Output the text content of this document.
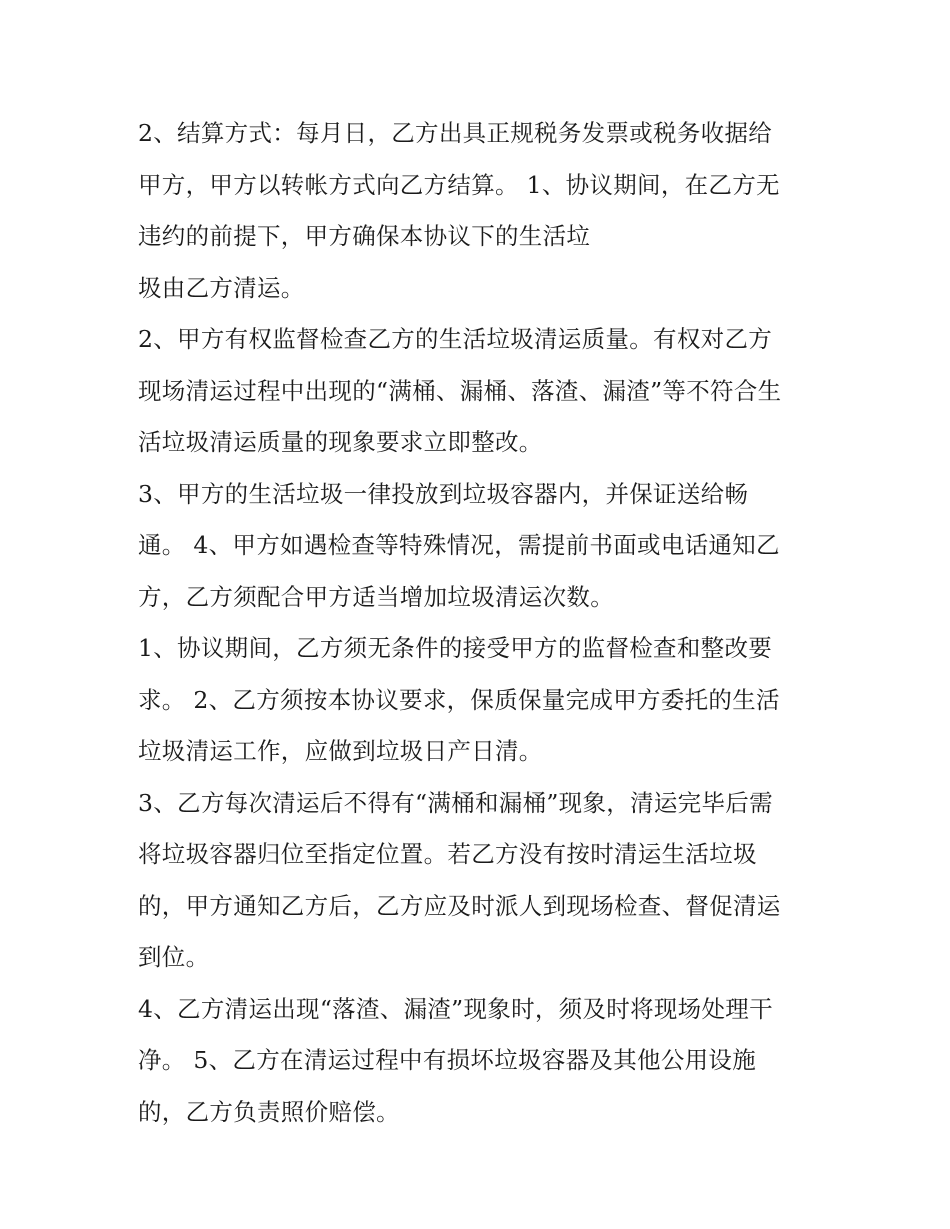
2、结算方式：每月日，乙方出具正规税务发票或税务收据给
甲方，甲方以转帐方式向乙方结算。 1、协议期间，在乙方无
违约的前提下，甲方确保本协议下的生活垃
圾由乙方清运。
2、甲方有权监督检查乙方的生活垃圾清运质量。有权对乙方
现场清运过程中出现的“满桶、漏桶、落渣、漏渣”等不符合生
活垃圾清运质量的现象要求立即整改。
3、甲方的生活垃圾一律投放到垃圾容器内，并保证送给畅
通。 4、甲方如遇检查等特殊情况，需提前书面或电话通知乙
方，乙方须配合甲方适当增加垃圾清运次数。
1、协议期间，乙方须无条件的接受甲方的监督检查和整改要
求。 2、乙方须按本协议要求，保质保量完成甲方委托的生活
垃圾清运工作，应做到垃圾日产日清。
3、乙方每次清运后不得有“满桶和漏桶”现象，清运完毕后需
将垃圾容器归位至指定位置。若乙方没有按时清运生活垃圾
的，甲方通知乙方后，乙方应及时派人到现场检查、督促清运
到位。
4、乙方清运出现“落渣、漏渣”现象时，须及时将现场处理干
净。 5、乙方在清运过程中有损坏垃圾容器及其他公用设施
的，乙方负责照价赔偿。
